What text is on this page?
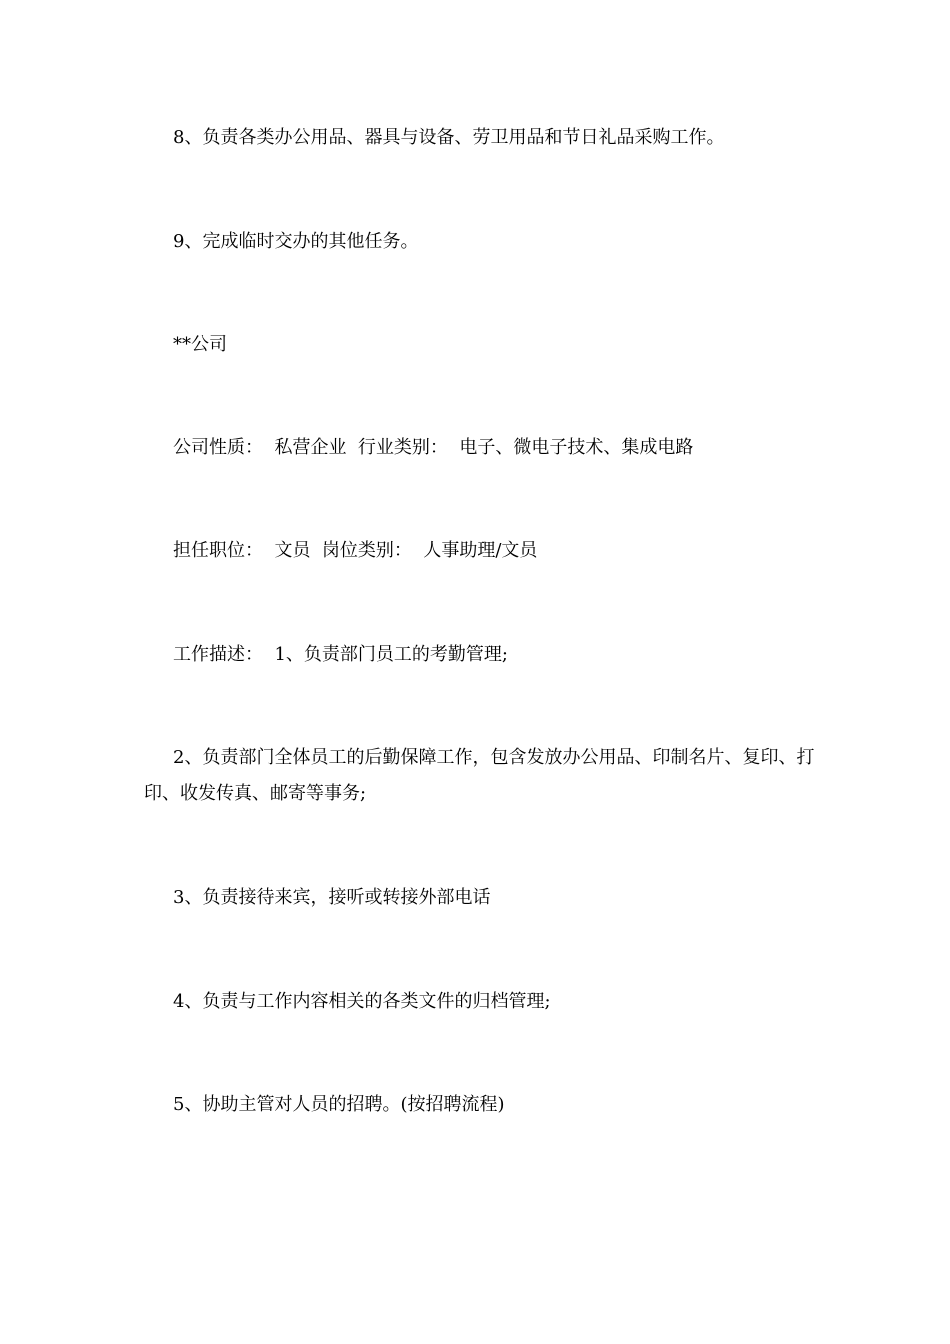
8、负责各类办公用品、器具与设备、劳卫用品和节日礼品采购工作。

9、完成临时交办的其他任务。

**公司

公司性质：  私营企业  行业类别：  电子、微电子技术、集成电路

担任职位：  文员  岗位类别：  人事助理/文员

工作描述：  1、负责部门员工的考勤管理;

2、负责部门全体员工的后勤保障工作，包含发放办公用品、印制名片、复印、打印、收发传真、邮寄等事务;

3、负责接待来宾，接听或转接外部电话

4、负责与工作内容相关的各类文件的归档管理;

5、协助主管对人员的招聘。(按招聘流程)
